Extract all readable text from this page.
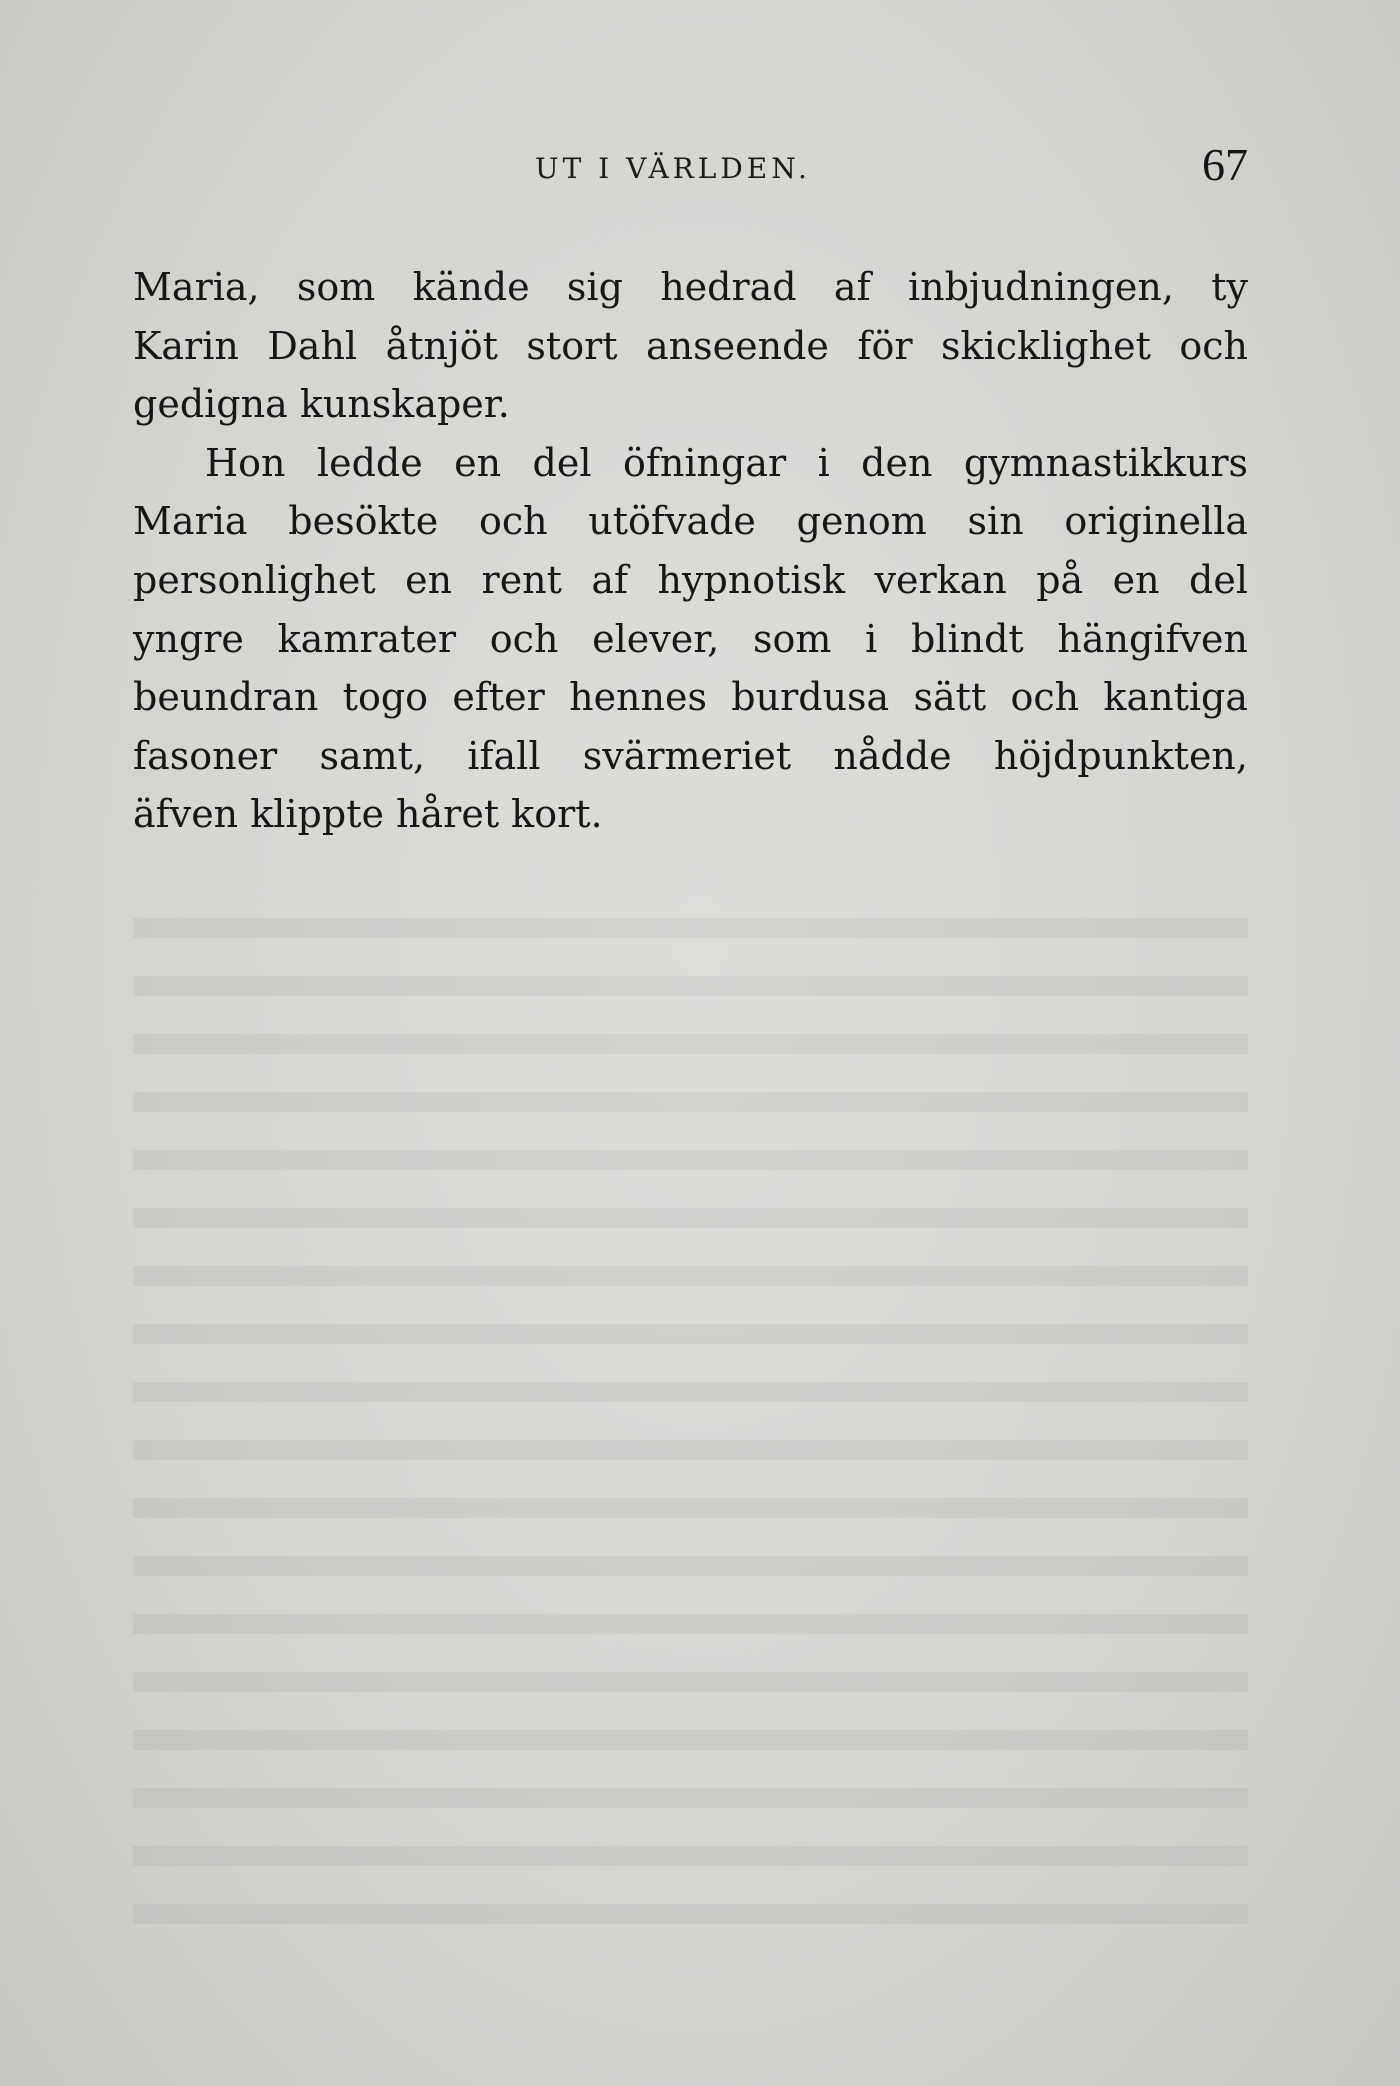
UT I VÄRLDEN.	67
Maria, som kände sig hedrad af inbjudningen, ty
Karin Dahl åtnjöt stort anseende för skicklighet och
gedigna kunskaper.
Hon ledde en del öfningar i den gymnastikkurs
Maria besökte och utöfvade genom sin originella
personlighet en rent af hypnotisk verkan på en del
yngre kamrater och elever, som i blindt hängifven
beundran togo efter hennes burdusa sätt och kantiga
fasoner samt, ifall svärmeriet nådde höjdpunkten,
äfven klippte håret kort.
